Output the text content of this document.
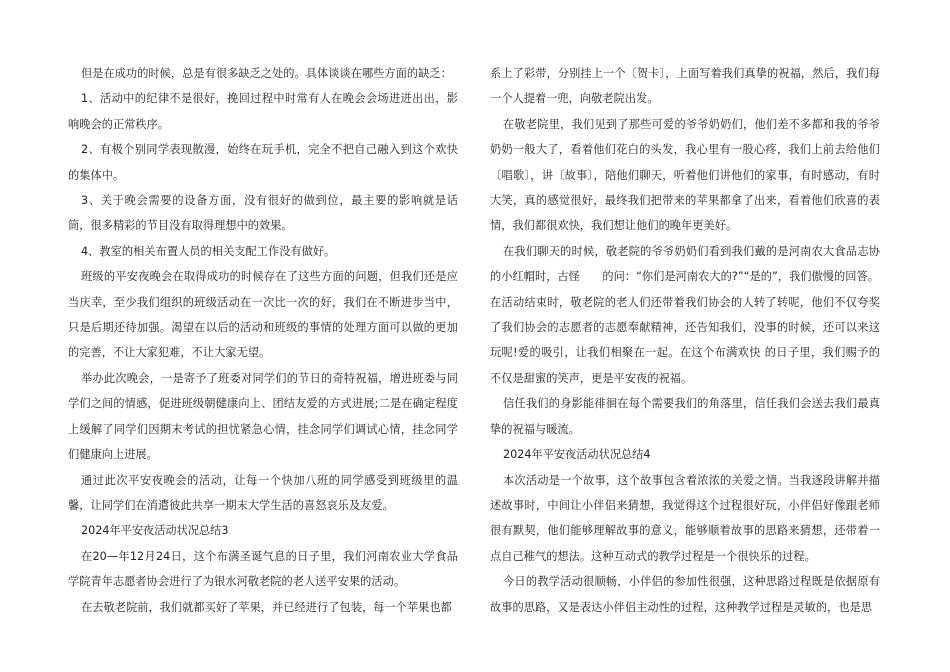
但是在成功的时候，总是有很多缺乏之处的。具体谈谈在哪些方面的缺乏：

1、活动中的纪律不是很好，挽回过程中时常有人在晚会会场进进出出，影响晚会的正常秩序。

2、有极个别同学表现散漫，始终在玩手机，完全不把自己融入到这个欢快的集体中。

3、关于晚会需要的设备方面，没有很好的做到位，最主要的影响就是话筒，很多精彩的节目没有取得理想中的效果。

4、教室的相关布置人员的相关支配工作没有做好。

班级的平安夜晚会在取得成功的时候存在了这些方面的问题，但我们还是应当庆幸，至少我们组织的班级活动在一次比一次的好，我们在不断进步当中，只是后期还待加强。渴望在以后的活动和班级的事情的处理方面可以做的更加的完善，不让大家犯难，不让大家无望。

举办此次晚会，一是寄予了班委对同学们的节日的奇特祝福，增进班委与同学们之间的情感，促进班级朝健康向上、团结友爱的方式进展;二是在确定程度上缓解了同学们因期末考试的担忧紧急心情，挂念同学们调试心情，挂念同学们健康向上进展。

通过此次平安夜晚会的活动，让每一个快加八班的同学感受到班级里的温馨，让同学们在消遣彼此共享一期末大学生活的喜怒哀乐及友爱。

2024年平安夜活动状况总结3

在20—年12月24日，这个布满圣诞气息的日子里，我们河南农业大学食品学院青年志愿者协会进行了为银水河敬老院的老人送平安果的活动。

在去敬老院前，我们就都买好了苹果，并已经进行了包装，每一个苹果也都

系上了彩带，分别挂上一个〔贺卡〕，上面写着我们真挚的祝福，然后，我们每一个人提着一兜，向敬老院出发。

在敬老院里，我们见到了那些可爱的爷爷奶奶们，他们差不多都和我的爷爷奶奶一般大了，看着他们花白的头发，我心里有一股心疼，我们上前去给他们〔唱歌〕，讲〔故事〕，陪他们聊天，听着他们讲他们的家事，有时感动，有时大笑，真的感觉很好，最终我们把带来的苹果都拿了出来，看着他们欣喜的表情，我们都很欢快，我们想让他们的晚年更美好。

在我们聊天的时候，敬老院的爷爷奶奶们看到我们戴的是河南农大食品志协的小红帽时，古怪　　的问：“你们是河南农大的?”“是的”，我们傲慢的回答。

在活动结束时，敬老院的老人们还带着我们协会的人转了转呢，他们不仅夸奖了我们协会的志愿者的志愿奉献精神，还告知我们，没事的时候，还可以来这玩呢!爱的吸引，让我们相聚在一起。在这个布满欢快 的日子里，我们赐予的不仅是甜蜜的笑声，更是平安夜的祝福。

信任我们的身影能徘徊在每个需要我们的角落里，信任我们会送去我们最真挚的祝福与暖流。

2024年平安夜活动状况总结4

本次活动是一个故事，这个故事包含着浓浓的关爱之情。当我逐段讲解并描述故事时，中间让小伴侣来猜想，我觉得这个过程很好玩，小伴侣好像跟老师很有默契，他们能够理解故事的意义，能够顺着故事的思路来猜想，还带着一点自己稚气的想法。这种互动式的教学过程是一个很快乐的过程。

今日的教学活动很顺畅，小伴侣的参加性很强，这种思路过程既是依据原有故事的思路，又是表达小伴侣主动性的过程，这种教学过程是灵敏的，也是思
